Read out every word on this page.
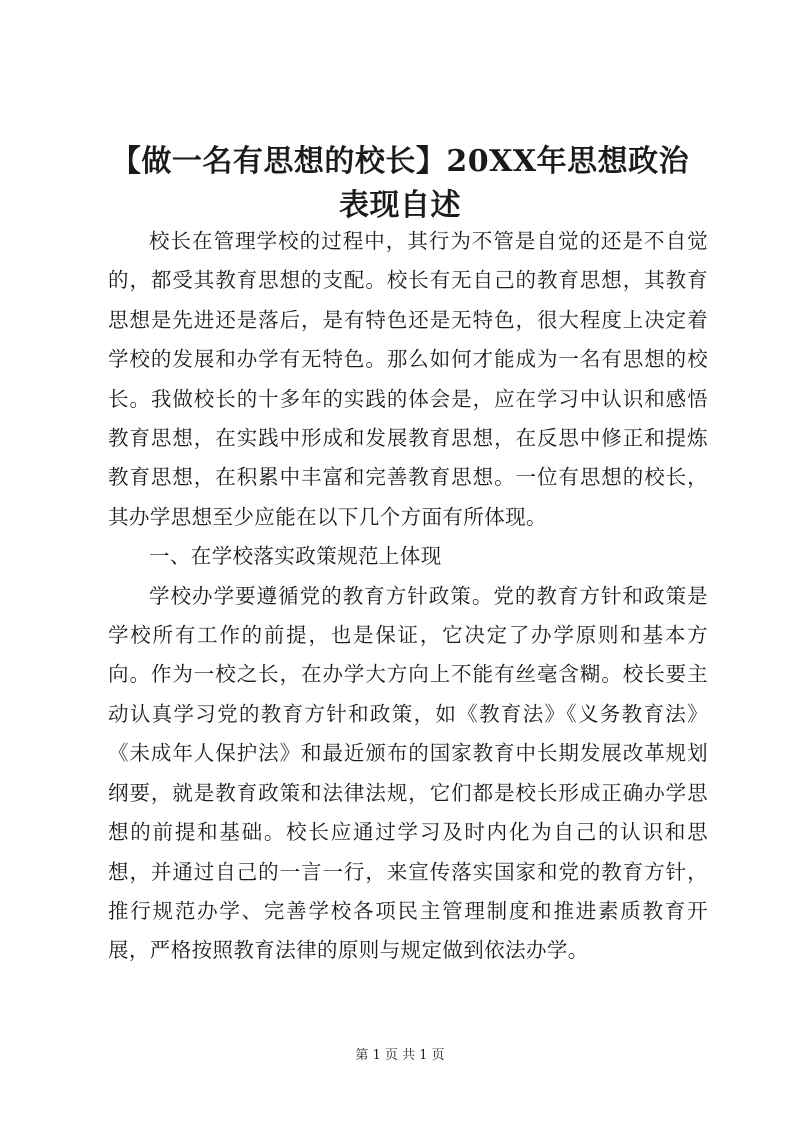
【做一名有思想的校长】20XX年思想政治表现自述

校长在管理学校的过程中，其行为不管是自觉的还是不自觉的，都受其教育思想的支配。校长有无自己的教育思想，其教育思想是先进还是落后，是有特色还是无特色，很大程度上决定着学校的发展和办学有无特色。那么如何才能成为一名有思想的校长。我做校长的十多年的实践的体会是，应在学习中认识和感悟教育思想，在实践中形成和发展教育思想，在反思中修正和提炼教育思想，在积累中丰富和完善教育思想。一位有思想的校长，其办学思想至少应能在以下几个方面有所体现。

一、在学校落实政策规范上体现

学校办学要遵循党的教育方针政策。党的教育方针和政策是学校所有工作的前提，也是保证，它决定了办学原则和基本方向。作为一校之长，在办学大方向上不能有丝毫含糊。校长要主动认真学习党的教育方针和政策，如《教育法》《义务教育法》《未成年人保护法》和最近颁布的国家教育中长期发展改革规划纲要，就是教育政策和法律法规，它们都是校长形成正确办学思想的前提和基础。校长应通过学习及时内化为自己的认识和思想，并通过自己的一言一行，来宣传落实国家和党的教育方针，推行规范办学、完善学校各项民主管理制度和推进素质教育开展，严格按照教育法律的原则与规定做到依法办学。

第 1 页 共 1 页
